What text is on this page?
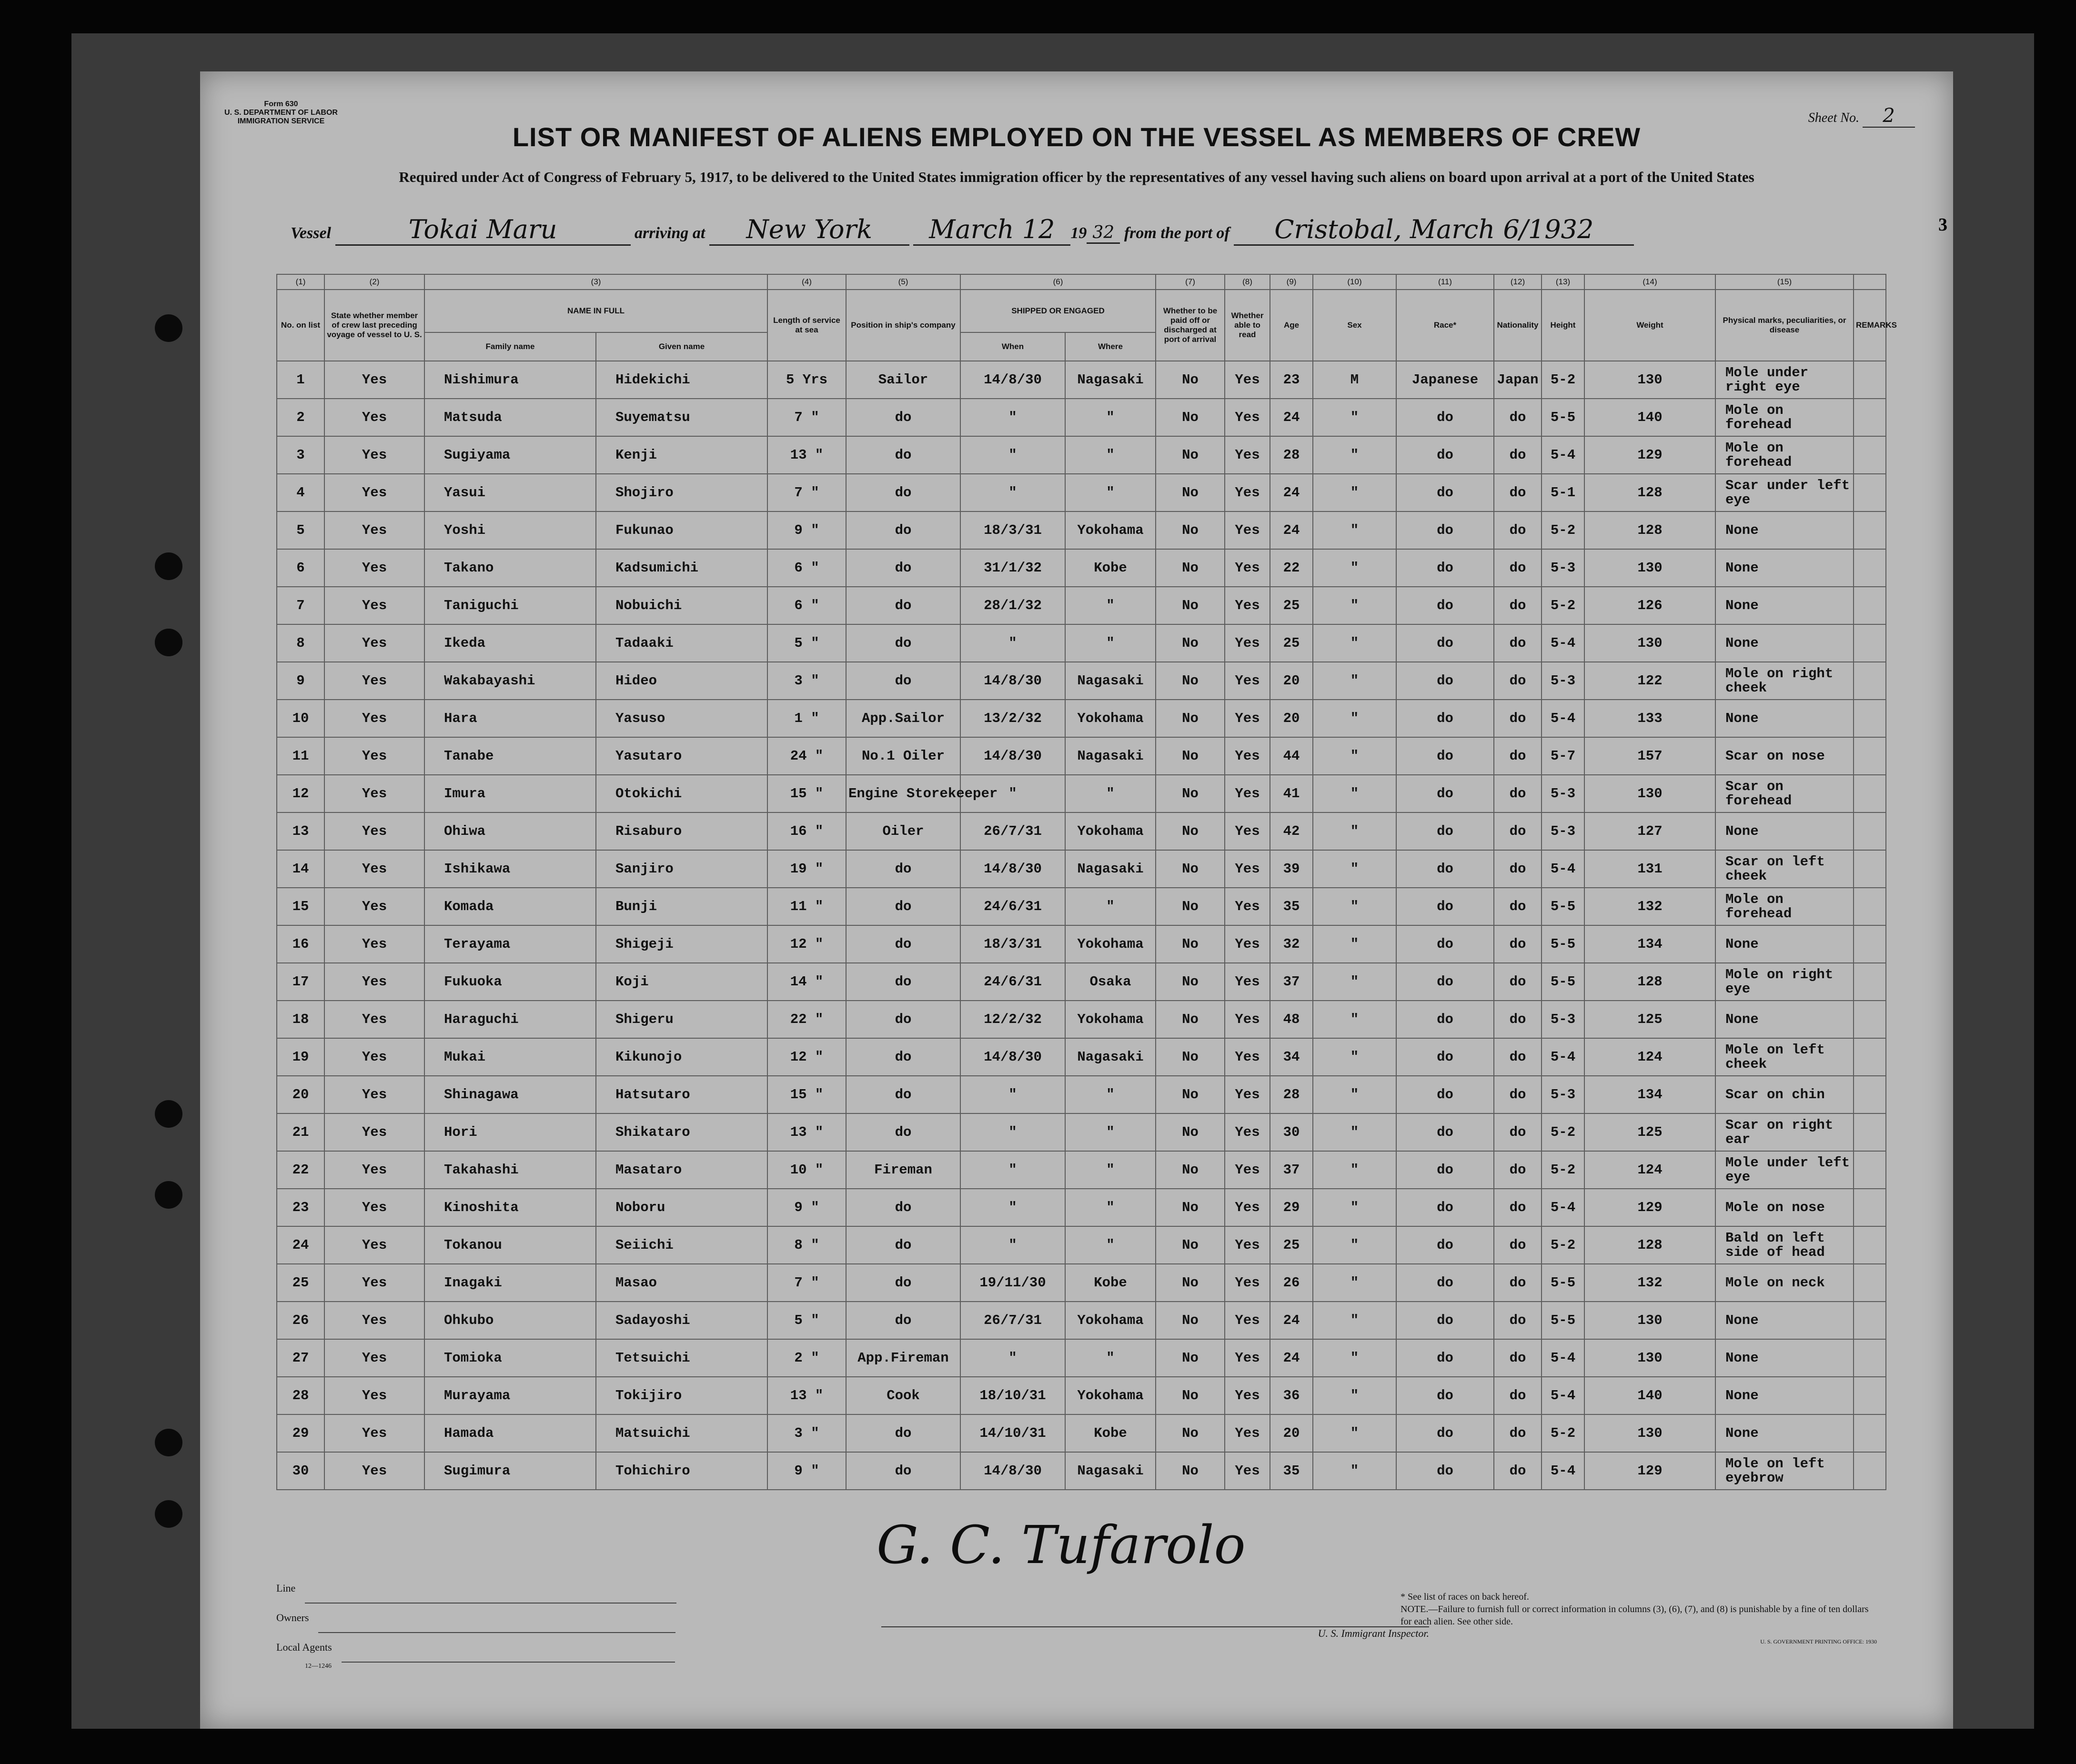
Form 630
U. S. DEPARTMENT OF LABOR
IMMIGRATION SERVICE	Sheet No. 2
LIST OR MANIFEST OF ALIENS EMPLOYED ON THE VESSEL AS MEMBERS OF CREW
Required under Act of Congress of February 5, 1917, to be delivered to the United States immigration officer by the representatives of any vessel having such aliens on board upon arrival at a port of the United States
Vessel	Tokai Maru	arriving at New York March 12 19 32 from the port of Cristobal, March 6/1932	3
(1)	(2)	(3)		(4)	(5)	(6)		(7)	(8)	(9)	(10)	(11)	(12)	(13)	(14)	(15)	
No. on list	State whether member of crew last preceding voyage of vessel to U. S.	NAME IN FULL		Length of service at sea	Position in ship's company	SHIPPED OR ENGAGED		Whether to be paid off or discharged at port of arrival	Whether able to read	Age	Sex	Race*	Nationality	Height	Weight	Physical marks, peculiarities, or disease	REMARKS
		Family name	Given name			When	Where										
1	Yes	Nishimura	Hidekichi	5 Yrs	Sailor	14/8/30	Nagasaki	No	Yes	23	M	Japanese	Japan	5-2	130	Mole under right eye	
2	Yes	Matsuda	Suyematsu	7 "	do	"	"	No	Yes	24	"	do	do	5-5	140	Mole on forehead	
3	Yes	Sugiyama	Kenji	13 "	do	"	"	No	Yes	28	"	do	do	5-4	129	Mole on forehead	
4	Yes	Yasui	Shojiro	7 "	do	"	"	No	Yes	24	"	do	do	5-1	128	Scar under left eye	
5	Yes	Yoshi	Fukunao	9 "	do	18/3/31	Yokohama	No	Yes	24	"	do	do	5-2	128	None	
6	Yes	Takano	Kadsumichi	6 "	do	31/1/32	Kobe	No	Yes	22	"	do	do	5-3	130	None	
7	Yes	Taniguchi	Nobuichi	6 "	do	28/1/32	"	No	Yes	25	"	do	do	5-2	126	None	
8	Yes	Ikeda	Tadaaki	5 "	do	"	"	No	Yes	25	"	do	do	5-4	130	None	
9	Yes	Wakabayashi	Hideo	3 "	do	14/8/30	Nagasaki	No	Yes	20	"	do	do	5-3	122	Mole on right cheek	
10	Yes	Hara	Yasuso	1 "	App.Sailor	13/2/32	Yokohama	No	Yes	20	"	do	do	5-4	133	None	
11	Yes	Tanabe	Yasutaro	24 "	No.1 Oiler	14/8/30	Nagasaki	No	Yes	44	"	do	do	5-7	157	Scar on nose	
12	Yes	Imura	Otokichi	15 "	Engine Storekeeper	"	"	No	Yes	41	"	do	do	5-3	130	Scar on forehead	
13	Yes	Ohiwa	Risaburo	16 "	Oiler	26/7/31	Yokohama	No	Yes	42	"	do	do	5-3	127	None	
14	Yes	Ishikawa	Sanjiro	19 "	do	14/8/30	Nagasaki	No	Yes	39	"	do	do	5-4	131	Scar on left cheek	
15	Yes	Komada	Bunji	11 "	do	24/6/31	"	No	Yes	35	"	do	do	5-5	132	Mole on forehead	
16	Yes	Terayama	Shigeji	12 "	do	18/3/31	Yokohama	No	Yes	32	"	do	do	5-5	134	None	
17	Yes	Fukuoka	Koji	14 "	do	24/6/31	Osaka	No	Yes	37	"	do	do	5-5	128	Mole on right eye	
18	Yes	Haraguchi	Shigeru	22 "	do	12/2/32	Yokohama	No	Yes	48	"	do	do	5-3	125	None	
19	Yes	Mukai	Kikunojo	12 "	do	14/8/30	Nagasaki	No	Yes	34	"	do	do	5-4	124	Mole on left cheek	
20	Yes	Shinagawa	Hatsutaro	15 "	do	"	"	No	Yes	28	"	do	do	5-3	134	Scar on chin	
21	Yes	Hori	Shikataro	13 "	do	"	"	No	Yes	30	"	do	do	5-2	125	Scar on right ear	
22	Yes	Takahashi	Masataro	10 "	Fireman	"	"	No	Yes	37	"	do	do	5-2	124	Mole under left eye	
23	Yes	Kinoshita	Noboru	9 "	do	"	"	No	Yes	29	"	do	do	5-4	129	Mole on nose	
24	Yes	Tokanou	Seiichi	8 "	do	"	"	No	Yes	25	"	do	do	5-2	128	Bald on left side of head	
25	Yes	Inagaki	Masao	7 "	do	19/11/30	Kobe	No	Yes	26	"	do	do	5-5	132	Mole on neck	
26	Yes	Ohkubo	Sadayoshi	5 "	do	26/7/31	Yokohama	No	Yes	24	"	do	do	5-5	130	None	
27	Yes	Tomioka	Tetsuichi	2 "	App.Fireman	"	"	No	Yes	24	"	do	do	5-4	130	None	
28	Yes	Murayama	Tokijiro	13 "	Cook	18/10/31	Yokohama	No	Yes	36	"	do	do	5-4	140	None	
29	Yes	Hamada	Matsuichi	3 "	do	14/10/31	Kobe	No	Yes	20	"	do	do	5-2	130	None	
30	Yes	Sugimura	Tohichiro	9 "	do	14/8/30	Nagasaki	No	Yes	35	"	do	do	5-4	129	Mole on left eyebrow	
Line
Owners
Local Agents
12—1246
G. C. Tufarolo
U. S. Immigrant Inspector.
* See list of races on back hereof.
NOTE.—Failure to furnish full or correct information in columns (3), (6), (7), and (8) is punishable by a fine of ten dollars for each alien. See other side.
U. S. GOVERNMENT PRINTING OFFICE: 1930
